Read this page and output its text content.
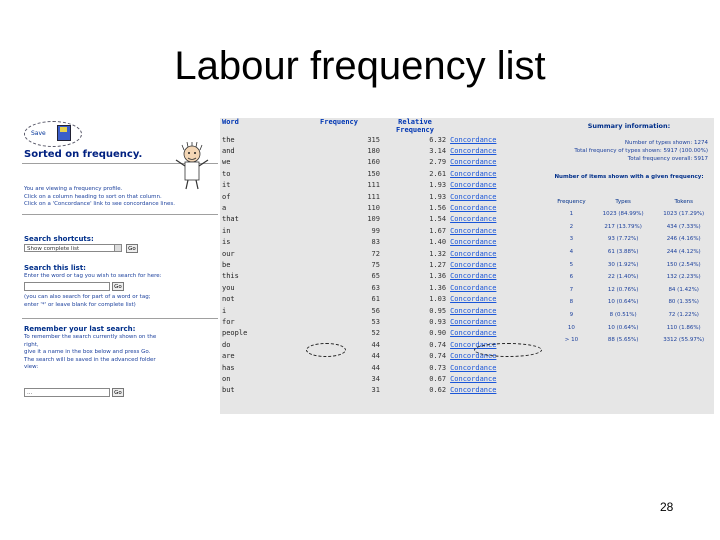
Labour frequency list
Save
Sorted on frequency.
You are viewing a frequency profile.
Click on a column heading to sort on that column.
Click on a 'Concordance' link to see concordance lines.
Search shortcuts:
Show complete list	Go
Search this list:
Enter the word or tag you wish to search for here:
Go
(you can also search for part of a word or tag;
enter '*' or leave blank for complete list)
Remember your last search:
To remember the search currently shown on the
right,
give it a name in the box below and press Go.
The search will be saved in the advanced folder
view:
...	Go
Word	Frequency	Relative Frequency	
the	315	6.32	Concordance
and	180	3.14	Concordance
we	160	2.79	Concordance
to	150	2.61	Concordance
it	111	1.93	Concordance
of	111	1.93	Concordance
a	110	1.56	Concordance
that	109	1.54	Concordance
in	99	1.67	Concordance
is	83	1.40	Concordance
our	72	1.32	Concordance
be	75	1.27	Concordance
this	65	1.36	Concordance
you	63	1.36	Concordance
not	61	1.03	Concordance
i	56	0.95	Concordance
for	53	0.93	Concordance
people	52	0.90	Concordance
do	44	0.74	Concordance
are	44	0.74	Concordance
has	44	0.73	Concordance
on	34	0.67	Concordance
but	31	0.62	Concordance
Summary information:
Number of types shown: 1274
Total frequency of types shown: 5917 (100.00%)
Total frequency overall: 5917
Number of items shown with a given frequency:
Frequency	Types	Tokens
1	1023 (84.99%)	1023 (17.29%)
2	217 (13.79%)	434 (7.33%)
3	93 (7.72%)	246 (4.16%)
4	61 (3.88%)	244 (4.12%)
5	30 (1.92%)	150 (2.54%)
6	22 (1.40%)	132 (2.23%)
7	12 (0.76%)	84 (1.42%)
8	10 (0.64%)	80 (1.35%)
9	8 (0.51%)	72 (1.22%)
10	10 (0.64%)	110 (1.86%)
> 10	88 (5.65%)	3312 (55.97%)
28
